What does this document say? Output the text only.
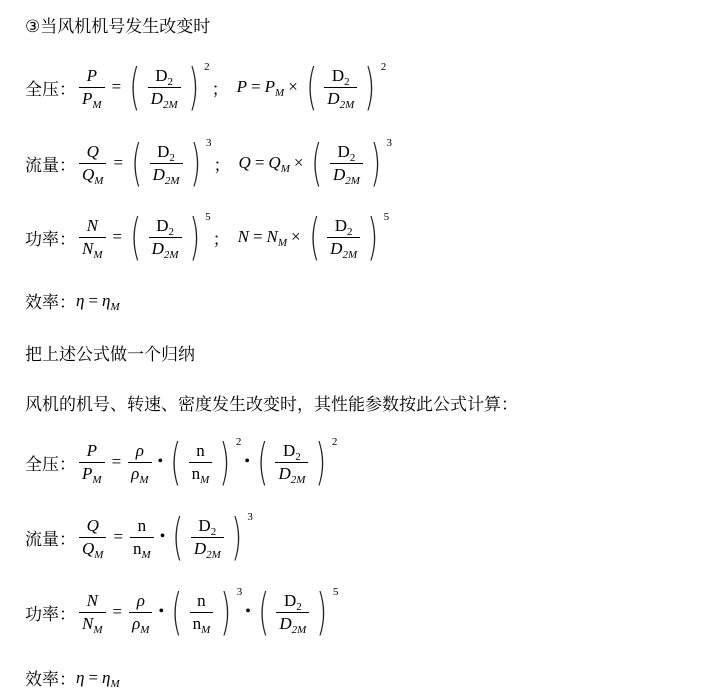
③当风机机号发生改变时
全压： $\frac{P}{P_M}$ = ( $\frac{D_2}{D_{2M}}$ ) $^2$
； $P = P_M$ × ( $\frac{D_2}{D_{2M}}$ ) $^2$
流量： $\frac{Q}{Q_M}$ = ( $\frac{D_2}{D_{2M}}$ ) $^3$
； $Q = Q_M$ × ( $\frac{D_2}{D_{2M}}$ ) $^3$
功率： $\frac{N}{N_M}$ = ( $\frac{D_2}{D_{2M}}$ ) $^5$
； $N = N_M$ × ( $\frac{D_2}{D_{2M}}$ ) $^5$
效率： $\eta = \eta_M$
把上述公式做一个归纳
风机的机号、转速、密度发生改变时，其性能参数按此公式计算：
全压： $\frac{P}{P_M} = \frac{\rho}{\rho_M}$ • ( $\frac{n}{n_M}$ ) $^2$
• ( $\frac{D_2}{D_{2M}}$ ) $^2$
流量： $\frac{Q}{Q_M} = \frac{n}{n_M}$ • ( $\frac{D_2}{D_{2M}}$ ) $^3$
功率： $\frac{N}{N_M} = \frac{\rho}{\rho_M}$ • ( $\frac{n}{n_M}$ ) $^3$
• ( $\frac{D_2}{D_{2M}}$ ) $^5$
效率： $\eta = \eta_M$
